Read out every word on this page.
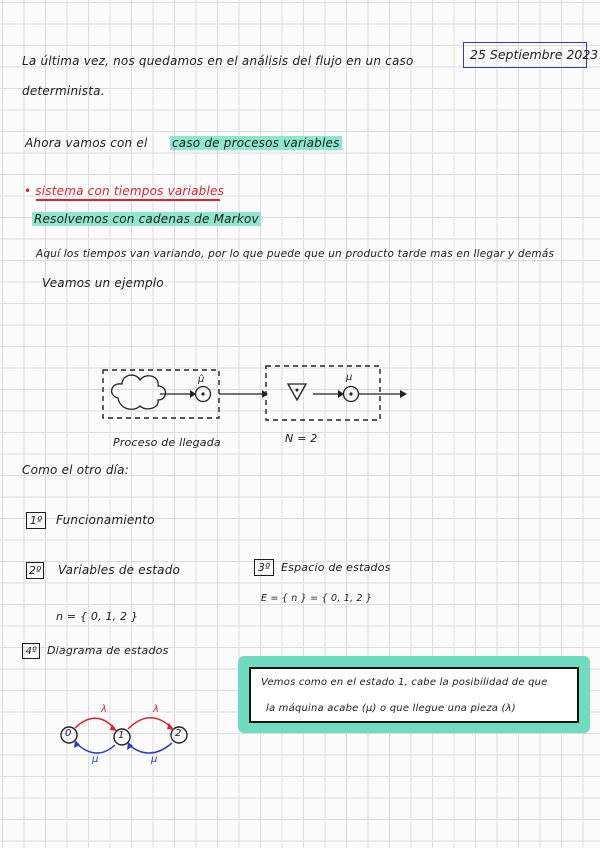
25 Septiembre 2023
La última vez, nos quedamos en el análisis del flujo en un caso
determinista.
Ahora vamos con el caso de procesos variables
• sistema con tiempos variables
Resolvemos con cadenas de Markov
Aquí los tiempos van variando, por lo que puede que un producto tarde mas en llegar y demás
Veamos un ejemplo
μ̂	μ
Proceso de llegada	N = 2
Como el otro día:
1º	Funcionamiento
2º Variables de estado
n = { 0, 1, 2 }
3º Espacio de estados
E = { n } = { 0, 1, 2 }
4º Diagrama de estados
0	1	2
λ	λ
μ	μ
Vemos como en el estado 1, cabe la posibilidad de que
la máquina acabe (μ) o que llegue una pieza (λ)
